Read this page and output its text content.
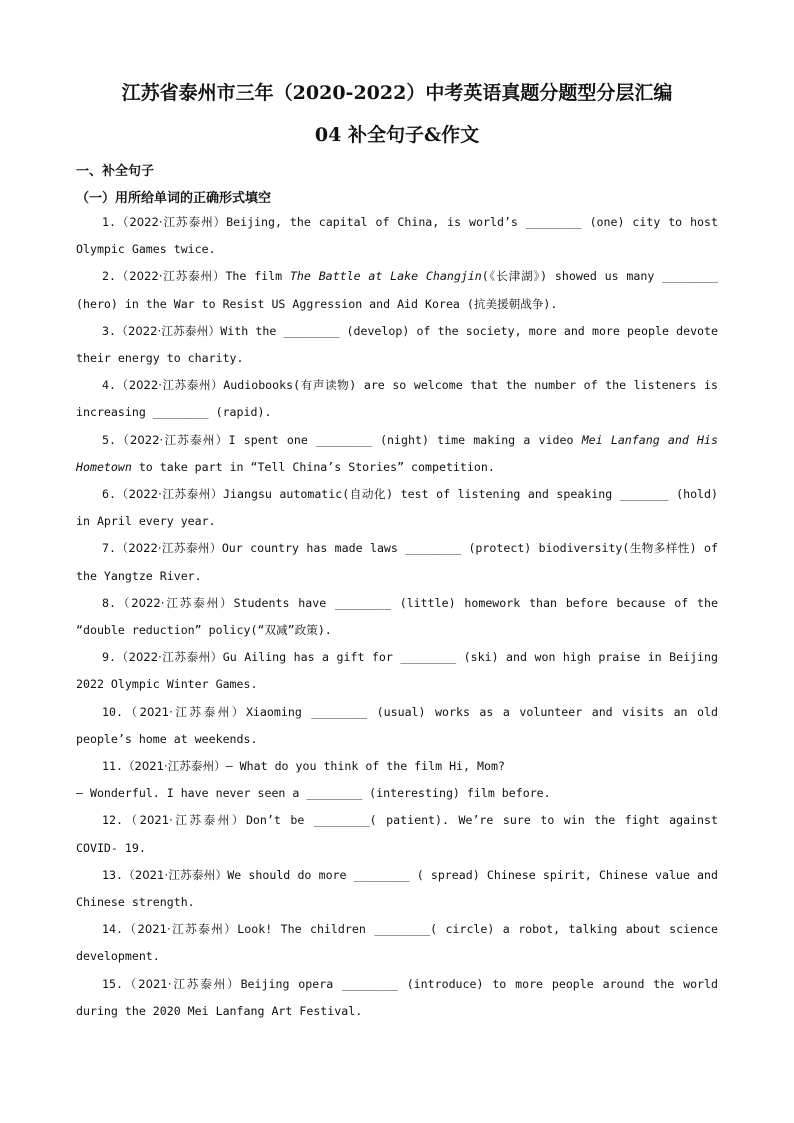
江苏省泰州市三年（2020-2022）中考英语真题分题型分层汇编
04 补全句子&作文
一、补全句子
（一）用所给单词的正确形式填空

1.（2022·江苏泰州）Beijing, the capital of China, is world’s ________ (one) city to host Olympic Games twice.

2.（2022·江苏泰州）The film The Battle at Lake Changjin(《长津湖》) showed us many ________ (hero) in the War to Resist US Aggression and Aid Korea (抗美援朝战争).

3.（2022·江苏泰州）With the ________ (develop) of the society, more and more people devote their energy to charity.

4.（2022·江苏泰州）Audiobooks(有声读物) are so welcome that the number of the listeners is increasing ________ (rapid).

5.（2022·江苏泰州）I spent one ________ (night) time making a video Mei Lanfang and His Hometown to take part in “Tell China’s Stories” competition.

6.（2022·江苏泰州）Jiangsu automatic(自动化) test of listening and speaking _______ (hold) in April every year.

7.（2022·江苏泰州）Our country has made laws ________ (protect) biodiversity(生物多样性) of the Yangtze River.

8.（2022·江苏泰州）Students have ________ (little) homework than before because of the “double reduction” policy(“双减”政策).

9.（2022·江苏泰州）Gu Ailing has a gift for ________ (ski) and won high praise in Beijing 2022 Olympic Winter Games.

10.（2021·江苏泰州）Xiaoming ________ (usual) works as a volunteer and visits an old people’s home at weekends.

11.（2021·江苏泰州）— What do you think of the film Hi, Mom?

— Wonderful. I have never seen a ________ (interesting) film before.

12.（2021·江苏泰州）Don’t be ________( patient). We’re sure to win the fight against COVID- 19.

13.（2021·江苏泰州）We should do more ________ ( spread) Chinese spirit, Chinese value and Chinese strength.

14.（2021·江苏泰州）Look! The children ________( circle) a robot, talking about science development.

15.（2021·江苏泰州）Beijing opera ________ (introduce) to more people around the world during the 2020 Mei Lanfang Art Festival.
